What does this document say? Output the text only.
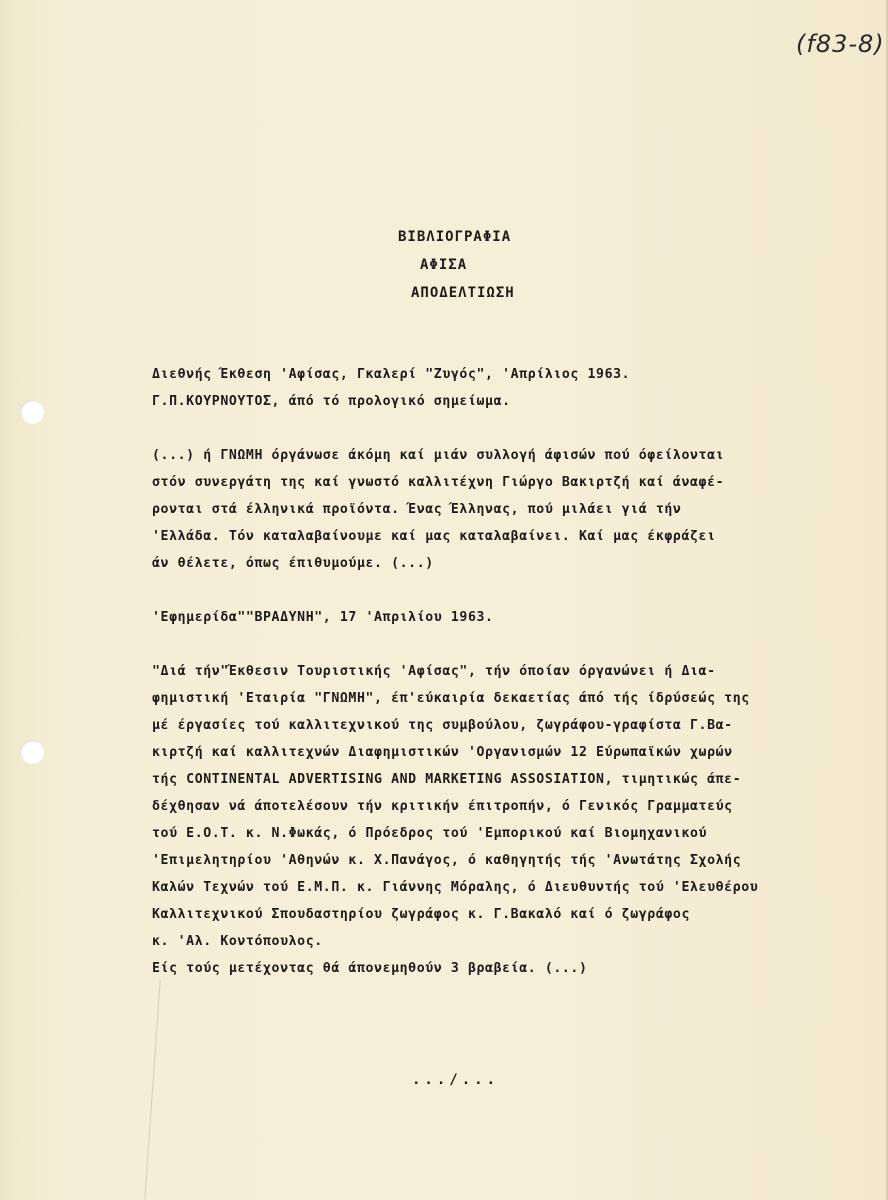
(f83-8)
ΒΙΒΛΙΟΓΡΑΦΙΑ
ΑΦΙΣΑ
ΑΠΟΔΕΛΤΙΩΣΗ
Διεθνής Έκθεση 'Αφίσας, Γκαλερί "Ζυγός", 'Απρίλιος 1963.
Γ.Π.ΚΟΥΡΝΟΥΤΟΣ, άπό τό προλογικό σημείωμα.
(...) ή ΓΝΩΜΗ όργάνωσε άκόμη καί μιάν συλλογή άφισών πού όφείλονται
στόν συνεργάτη της καί γνωστό καλλιτέχνη Γιώργο Βακιρτζή καί άναφέ-
ρονται στά έλληνικά προϊόντα. Ένας Έλληνας, πού μιλάει γιά τήν
'Ελλάδα. Τόν καταλαβαίνουμε καί μας καταλαβαίνει. Καί μας έκφράζει
άν θέλετε, όπως έπιθυμούμε. (...)
'Εφημερίδα""ΒΡΑΔΥΝΗ", 17 'Απριλίου 1963.
"Διά τήν"Έκθεσιν Τουριστικής 'Αφίσας", τήν όποίαν όργανώνει ή Δια-
φημιστική 'Εταιρία "ΓΝΩΜΗ", έπ'εύκαιρία δεκαετίας άπό τής ίδρύσεώς της
μέ έργασίες τού καλλιτεχνικού της συμβούλου, ζωγράφου-γραφίστα Γ.Βα-
κιρτζή καί καλλιτεχνών Διαφημιστικών 'Οργανισμών 12 Εύρωπαϊκών χωρών
τής CONTINENTAL ADVERTISING AND MARKETING ASSOSIATION, τιμητικώς άπε-
δέχθησαν νά άποτελέσουν τήν κριτικήν έπιτροπήν, ό Γενικός Γραμματεύς
τού Ε.Ο.Τ. κ. Ν.Φωκάς, ό Πρόεδρος τού 'Εμπορικού καί Βιομηχανικού
'Επιμελητηρίου 'Αθηνών κ. Χ.Πανάγος, ό καθηγητής τής 'Ανωτάτης Σχολής
Καλών Τεχνών τού Ε.Μ.Π. κ. Γιάννης Μόραλης, ό Διευθυντής τού 'Ελευθέρου
Καλλιτεχνικού Σπουδαστηρίου ζωγράφος κ. Γ.Βακαλό καί ό ζωγράφος
κ. 'Αλ. Κοντόπουλος.
Είς τούς μετέχοντας θά άπονεμηθούν 3 βραβεία. (...)
.../...
